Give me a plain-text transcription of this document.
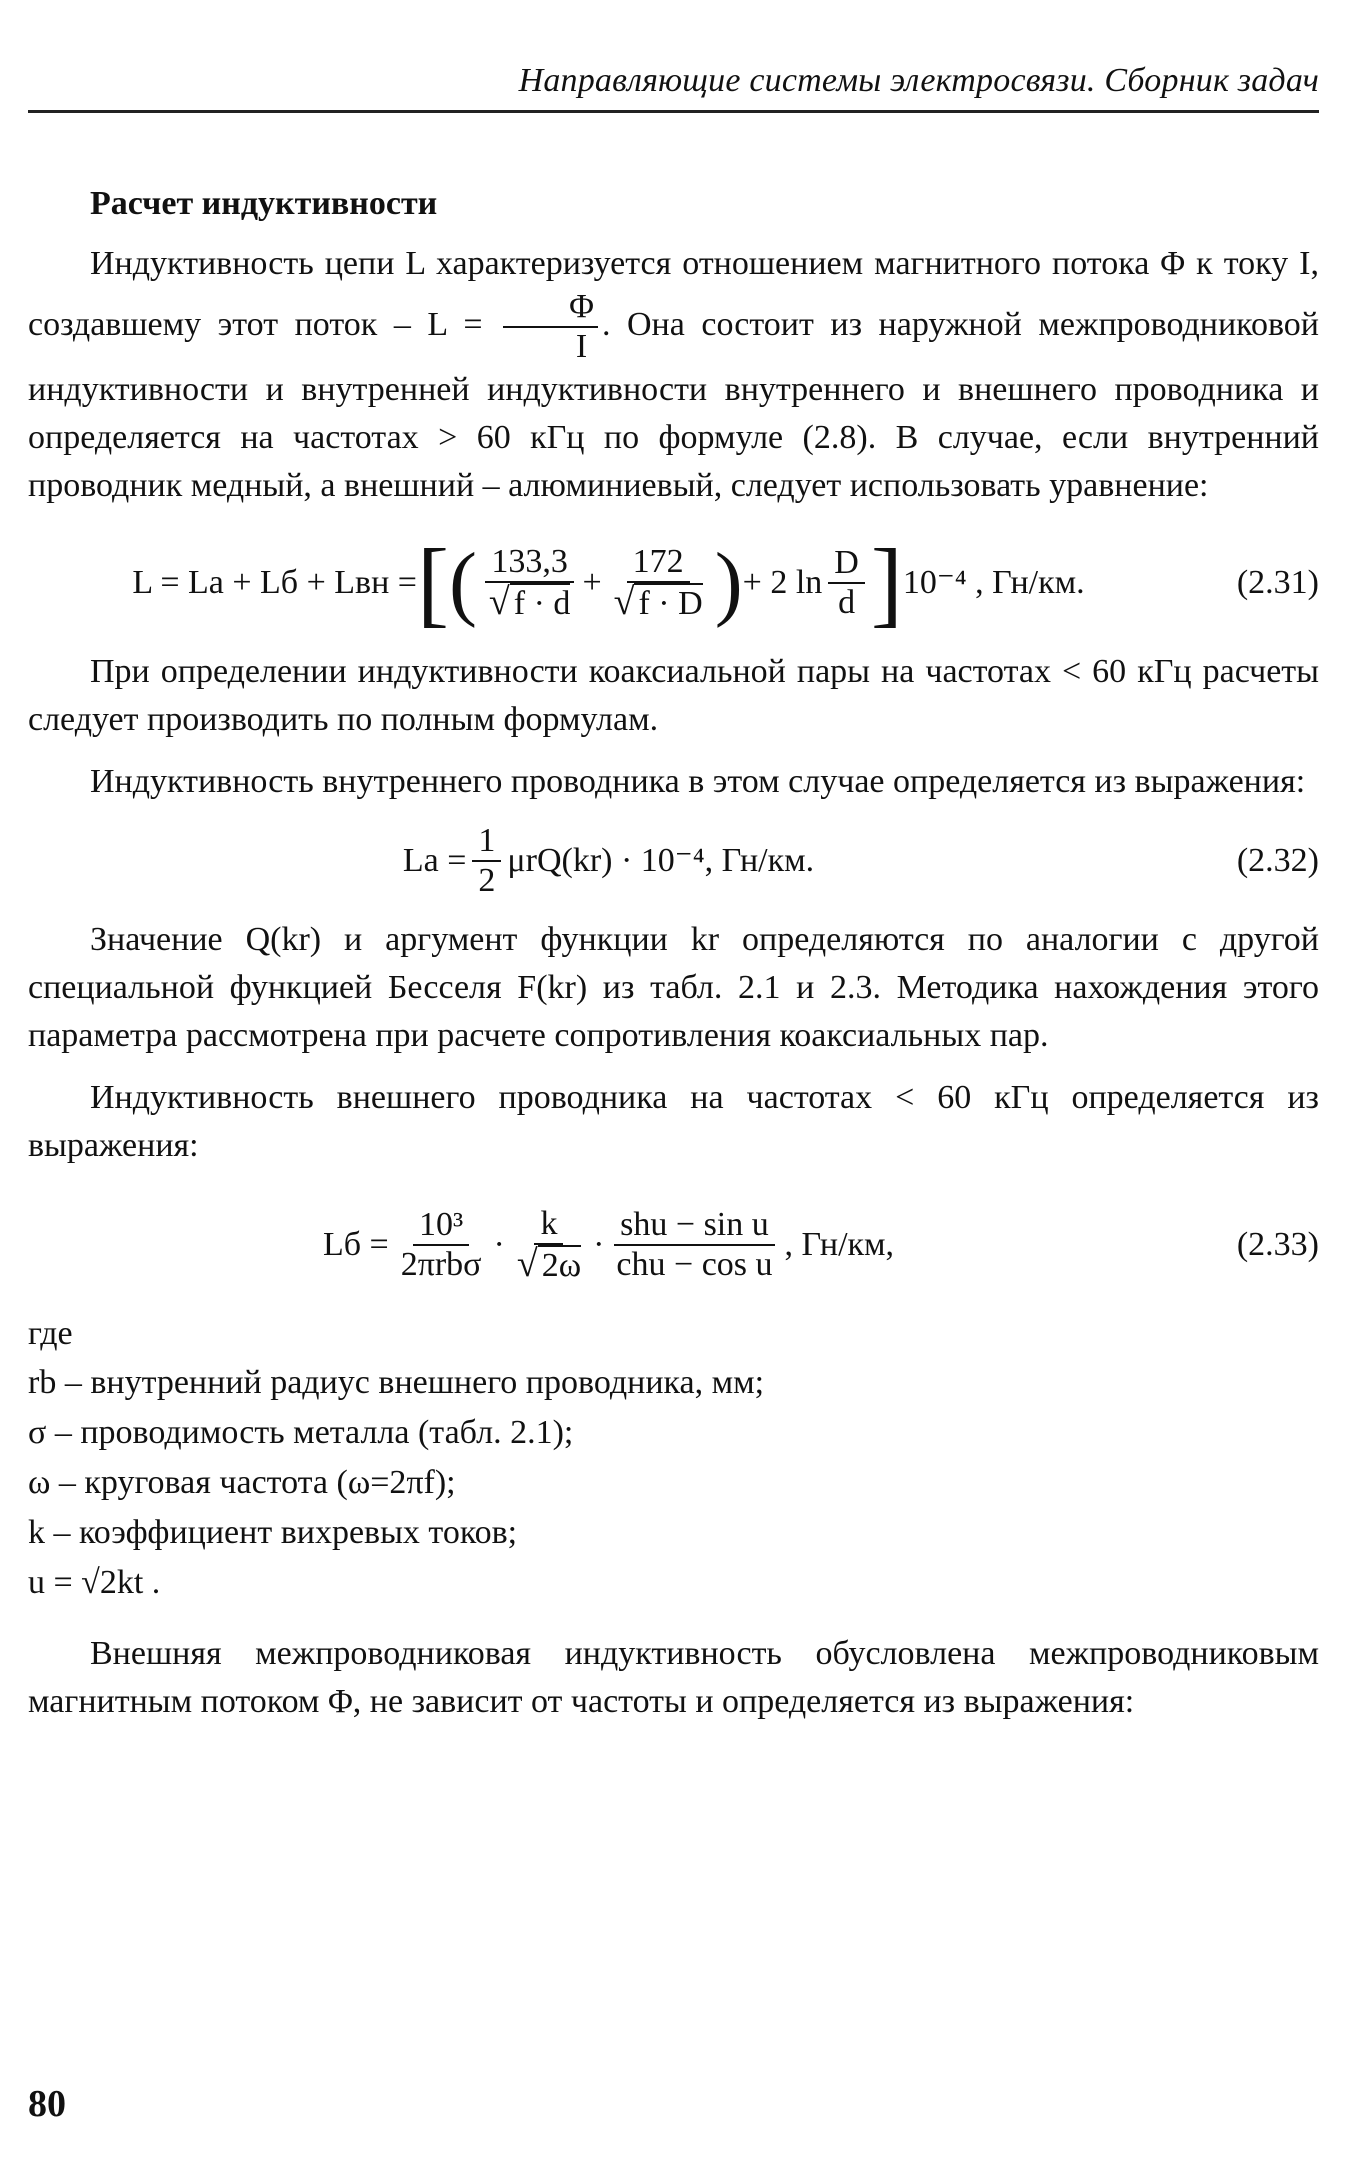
Направляющие системы электросвязи. Сборник задач
Расчет индуктивности

Индуктивность цепи L характеризуется отношением магнитного потока Φ к току I, создавшему этот поток – $L = \frac{\Phi}{I}$ . Она состоит из наружной межпроводниковой индуктивности и внутренней индуктивности внутреннего и внешнего проводника и определяется на частотах > 60 кГц по формуле (2.8). В случае, если внутренний проводник медный, а внешний – алюминиевый, следует использовать уравнение:

L = Lа + Lб + Lвн = [ ( $\frac{133,3}{√ f \cdot d} + \frac{172}{√ f \cdot D}$ ) + 2 $\ln \frac{D}{d}$ ] 10⁻⁴ , Гн/км.	(2.31)

При определении индуктивности коаксиальной пары на частотах < 60 кГц расчеты следует производить по полным формулам.

Индуктивность внутреннего проводника в этом случае определяется из выражения:

Lа = $\frac{1}{2} \mu rQ(kr) \cdot 10^{-4}$, Гн/км.	(2.32)

Значение Q(kr) и аргумент функции kr определяются по аналогии с другой специальной функцией Бесселя F(kr) из табл. 2.1 и 2.3. Методика нахождения этого параметра рассмотрена при расчете сопротивления коаксиальных пар.

Индуктивность внешнего проводника на частотах < 60 кГц определяется из выражения:

Lб =
10³
2πrbσ
· $\frac{k}{√ 2\omega}$ ·
shu − sin u
chu − cos u
, Гн/км,	(2.33)
где
rb – внутренний радиус внешнего проводника, мм;
σ – проводимость металла (табл. 2.1);
ω – круговая частота (ω=2πf);
k – коэффициент вихревых токов;
u = √2kt .

Внешняя межпроводниковая индуктивность обусловлена межпроводниковым магнитным потоком Φ, не зависит от частоты и определяется из выражения:

80
